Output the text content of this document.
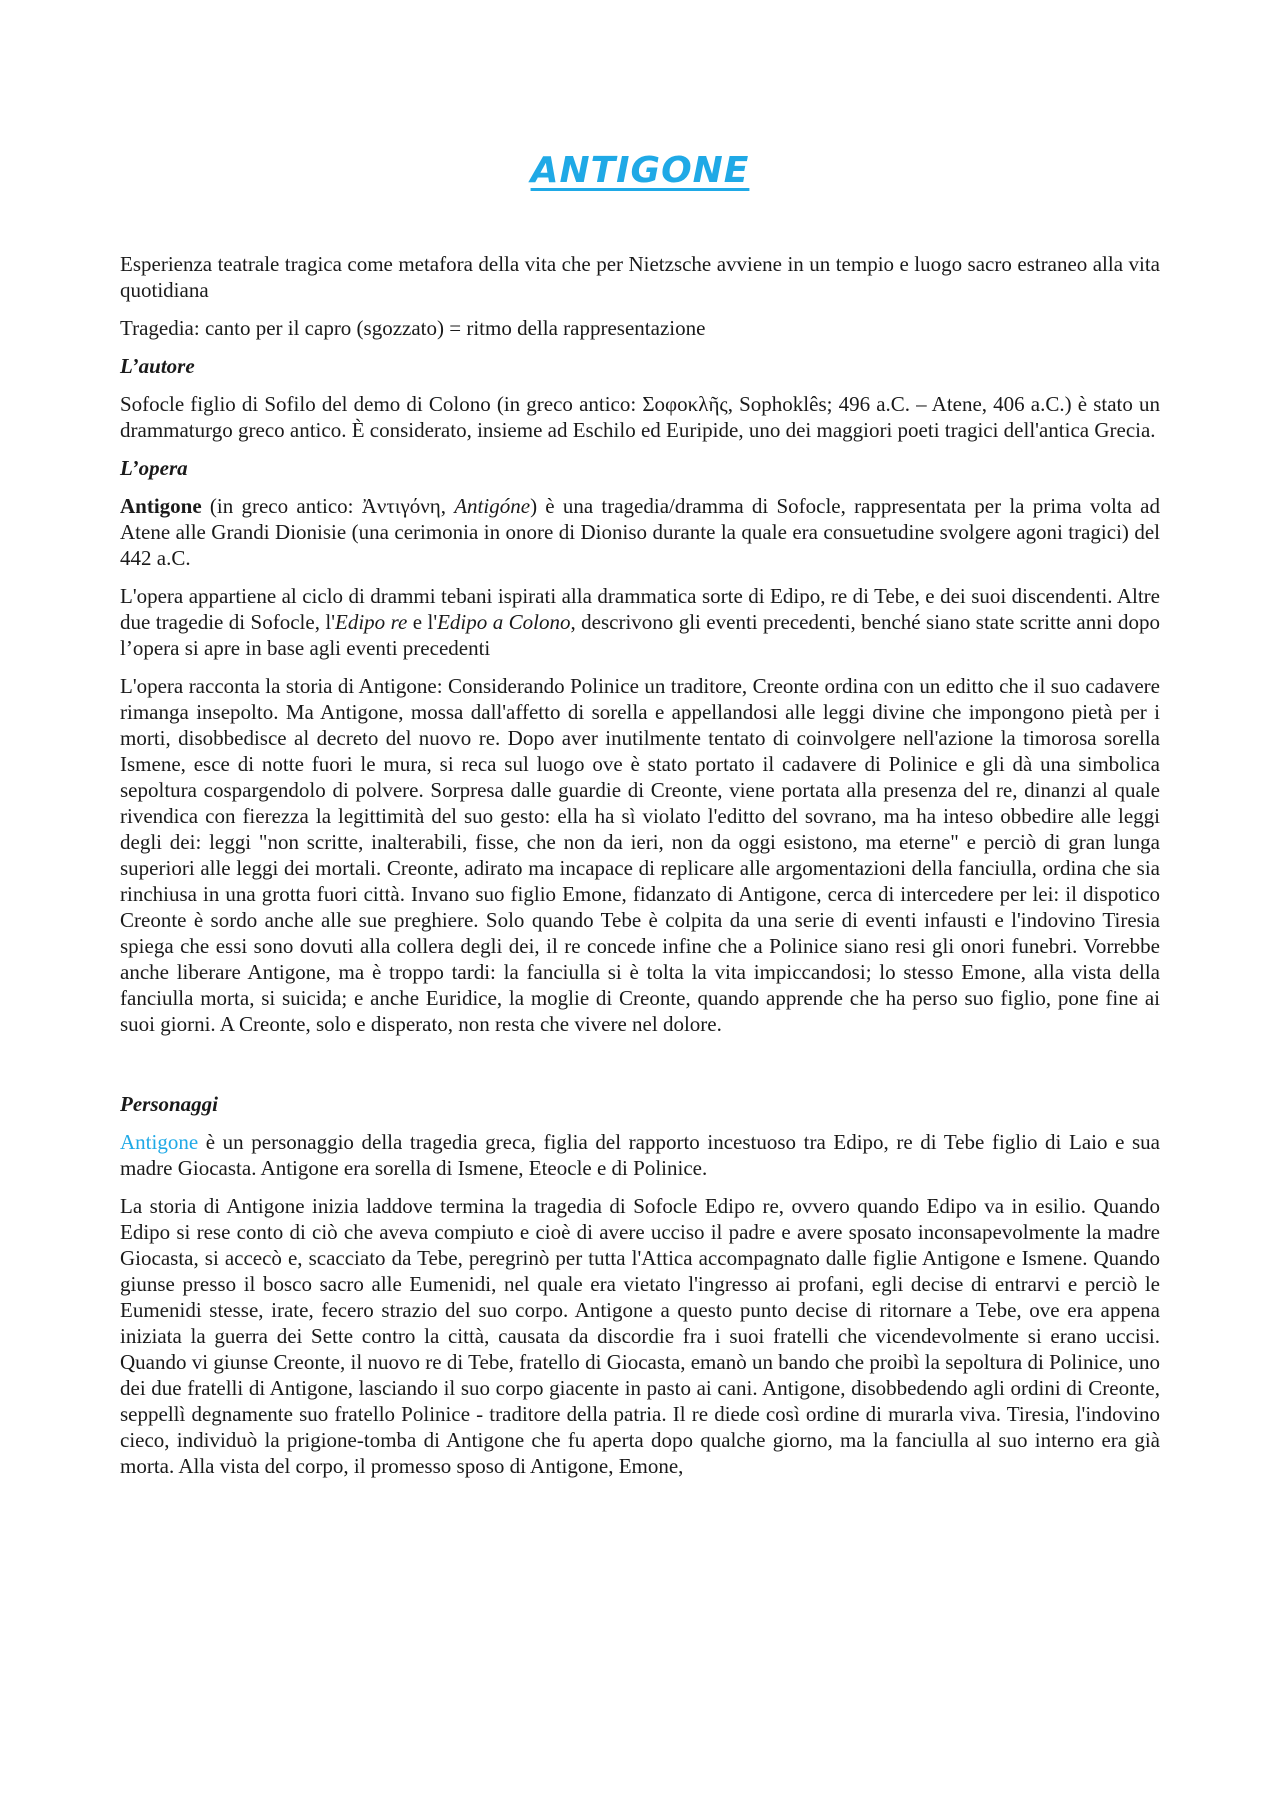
ANTIGONE

Esperienza teatrale tragica come metafora della vita che per Nietzsche avviene in un tempio e luogo sacro estraneo alla vita quotidiana

Tragedia: canto per il capro (sgozzato) = ritmo della rappresentazione

L’autore

Sofocle figlio di Sofilo del demo di Colono (in greco antico: Σοφοκλῆς, Sophoklês; 496 a.C. – Atene, 406 a.C.) è stato un drammaturgo greco antico. È considerato, insieme ad Eschilo ed Euripide, uno dei maggiori poeti tragici dell'antica Grecia.

L’opera

Antigone (in greco antico: Ἀντιγόνη, Antigóne) è una tragedia/dramma di Sofocle, rappresentata per la prima volta ad Atene alle Grandi Dionisie (una cerimonia in onore di Dioniso durante la quale era consuetudine svolgere agoni tragici) del 442 a.C.

L'opera appartiene al ciclo di drammi tebani ispirati alla drammatica sorte di Edipo, re di Tebe, e dei suoi discendenti. Altre due tragedie di Sofocle, l'Edipo re e l'Edipo a Colono, descrivono gli eventi precedenti, benché siano state scritte anni dopo l’opera si apre in base agli eventi precedenti

L'opera racconta la storia di Antigone: Considerando Polinice un traditore, Creonte ordina con un editto che il suo cadavere rimanga insepolto. Ma Antigone, mossa dall'affetto di sorella e appellandosi alle leggi divine che impongono pietà per i morti, disobbedisce al decreto del nuovo re. Dopo aver inutilmente tentato di coinvolgere nell'azione la timorosa sorella Ismene, esce di notte fuori le mura, si reca sul luogo ove è stato portato il cadavere di Polinice e gli dà una simbolica sepoltura cospargendolo di polvere. Sorpresa dalle guardie di Creonte, viene portata alla presenza del re, dinanzi al quale rivendica con fierezza la legittimità del suo gesto: ella ha sì violato l'editto del sovrano, ma ha inteso obbedire alle leggi degli dei: leggi "non scritte, inalterabili, fisse, che non da ieri, non da oggi esistono, ma eterne" e perciò di gran lunga superiori alle leggi dei mortali. Creonte, adirato ma incapace di replicare alle argomentazioni della fanciulla, ordina che sia rinchiusa in una grotta fuori città. Invano suo figlio Emone, fidanzato di Antigone, cerca di intercedere per lei: il dispotico Creonte è sordo anche alle sue preghiere. Solo quando Tebe è colpita da una serie di eventi infausti e l'indovino Tiresia spiega che essi sono dovuti alla collera degli dei, il re concede infine che a Polinice siano resi gli onori funebri. Vorrebbe anche liberare Antigone, ma è troppo tardi: la fanciulla si è tolta la vita impiccandosi; lo stesso Emone, alla vista della fanciulla morta, si suicida; e anche Euridice, la moglie di Creonte, quando apprende che ha perso suo figlio, pone fine ai suoi giorni. A Creonte, solo e disperato, non resta che vivere nel dolore.

Personaggi

Antigone è un personaggio della tragedia greca, figlia del rapporto incestuoso tra Edipo, re di Tebe figlio di Laio e sua madre Giocasta. Antigone era sorella di Ismene, Eteocle e di Polinice.

La storia di Antigone inizia laddove termina la tragedia di Sofocle Edipo re, ovvero quando Edipo va in esilio. Quando Edipo si rese conto di ciò che aveva compiuto e cioè di avere ucciso il padre e avere sposato inconsapevolmente la madre Giocasta, si accecò e, scacciato da Tebe, peregrinò per tutta l'Attica accompagnato dalle figlie Antigone e Ismene. Quando giunse presso il bosco sacro alle Eumenidi, nel quale era vietato l'ingresso ai profani, egli decise di entrarvi e perciò le Eumenidi stesse, irate, fecero strazio del suo corpo. Antigone a questo punto decise di ritornare a Tebe, ove era appena iniziata la guerra dei Sette contro la città, causata da discordie fra i suoi fratelli che vicendevolmente si erano uccisi. Quando vi giunse Creonte, il nuovo re di Tebe, fratello di Giocasta, emanò un bando che proibì la sepoltura di Polinice, uno dei due fratelli di Antigone, lasciando il suo corpo giacente in pasto ai cani. Antigone, disobbedendo agli ordini di Creonte, seppellì degnamente suo fratello Polinice - traditore della patria. Il re diede così ordine di murarla viva. Tiresia, l'indovino cieco, individuò la prigione-tomba di Antigone che fu aperta dopo qualche giorno, ma la fanciulla al suo interno era già morta. Alla vista del corpo, il promesso sposo di Antigone, Emone,
